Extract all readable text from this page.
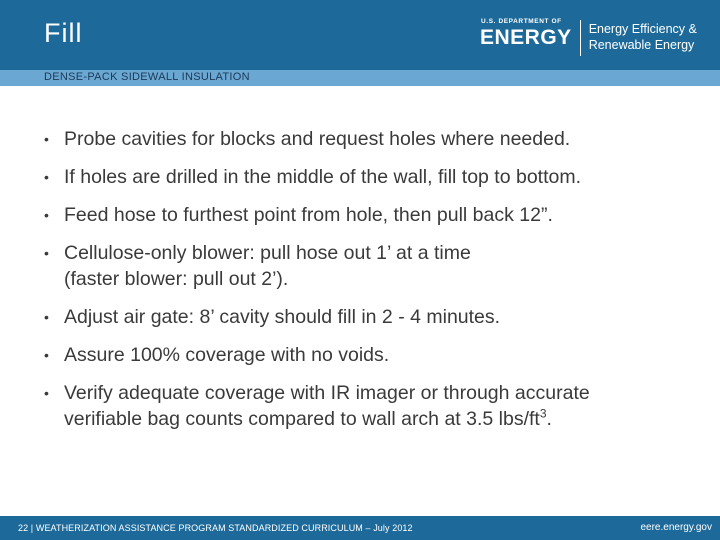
Fill	U.S. DEPARTMENT OF
ENERGY Energy Efficiency &
Renewable Energy
DENSE-PACK SIDEWALL INSULATION
• Probe cavities for blocks and request holes where needed.
• If holes are drilled in the middle of the wall, fill top to bottom.
• Feed hose to furthest point from hole, then pull back 12”.
• Cellulose-only blower: pull hose out 1’ at a time
(faster blower: pull out 2’).
• Adjust air gate: 8’ cavity should fill in 2 - 4 minutes.
• Assure 100% coverage with no voids.
• Verify adequate coverage with IR imager or through accurate
verifiable bag counts compared to wall arch at 3.5 lbs/$ft^3$.
22 | WEATHERIZATION ASSISTANCE PROGRAM STANDARDIZED CURRICULUM – July 2012	eere.energy.gov
